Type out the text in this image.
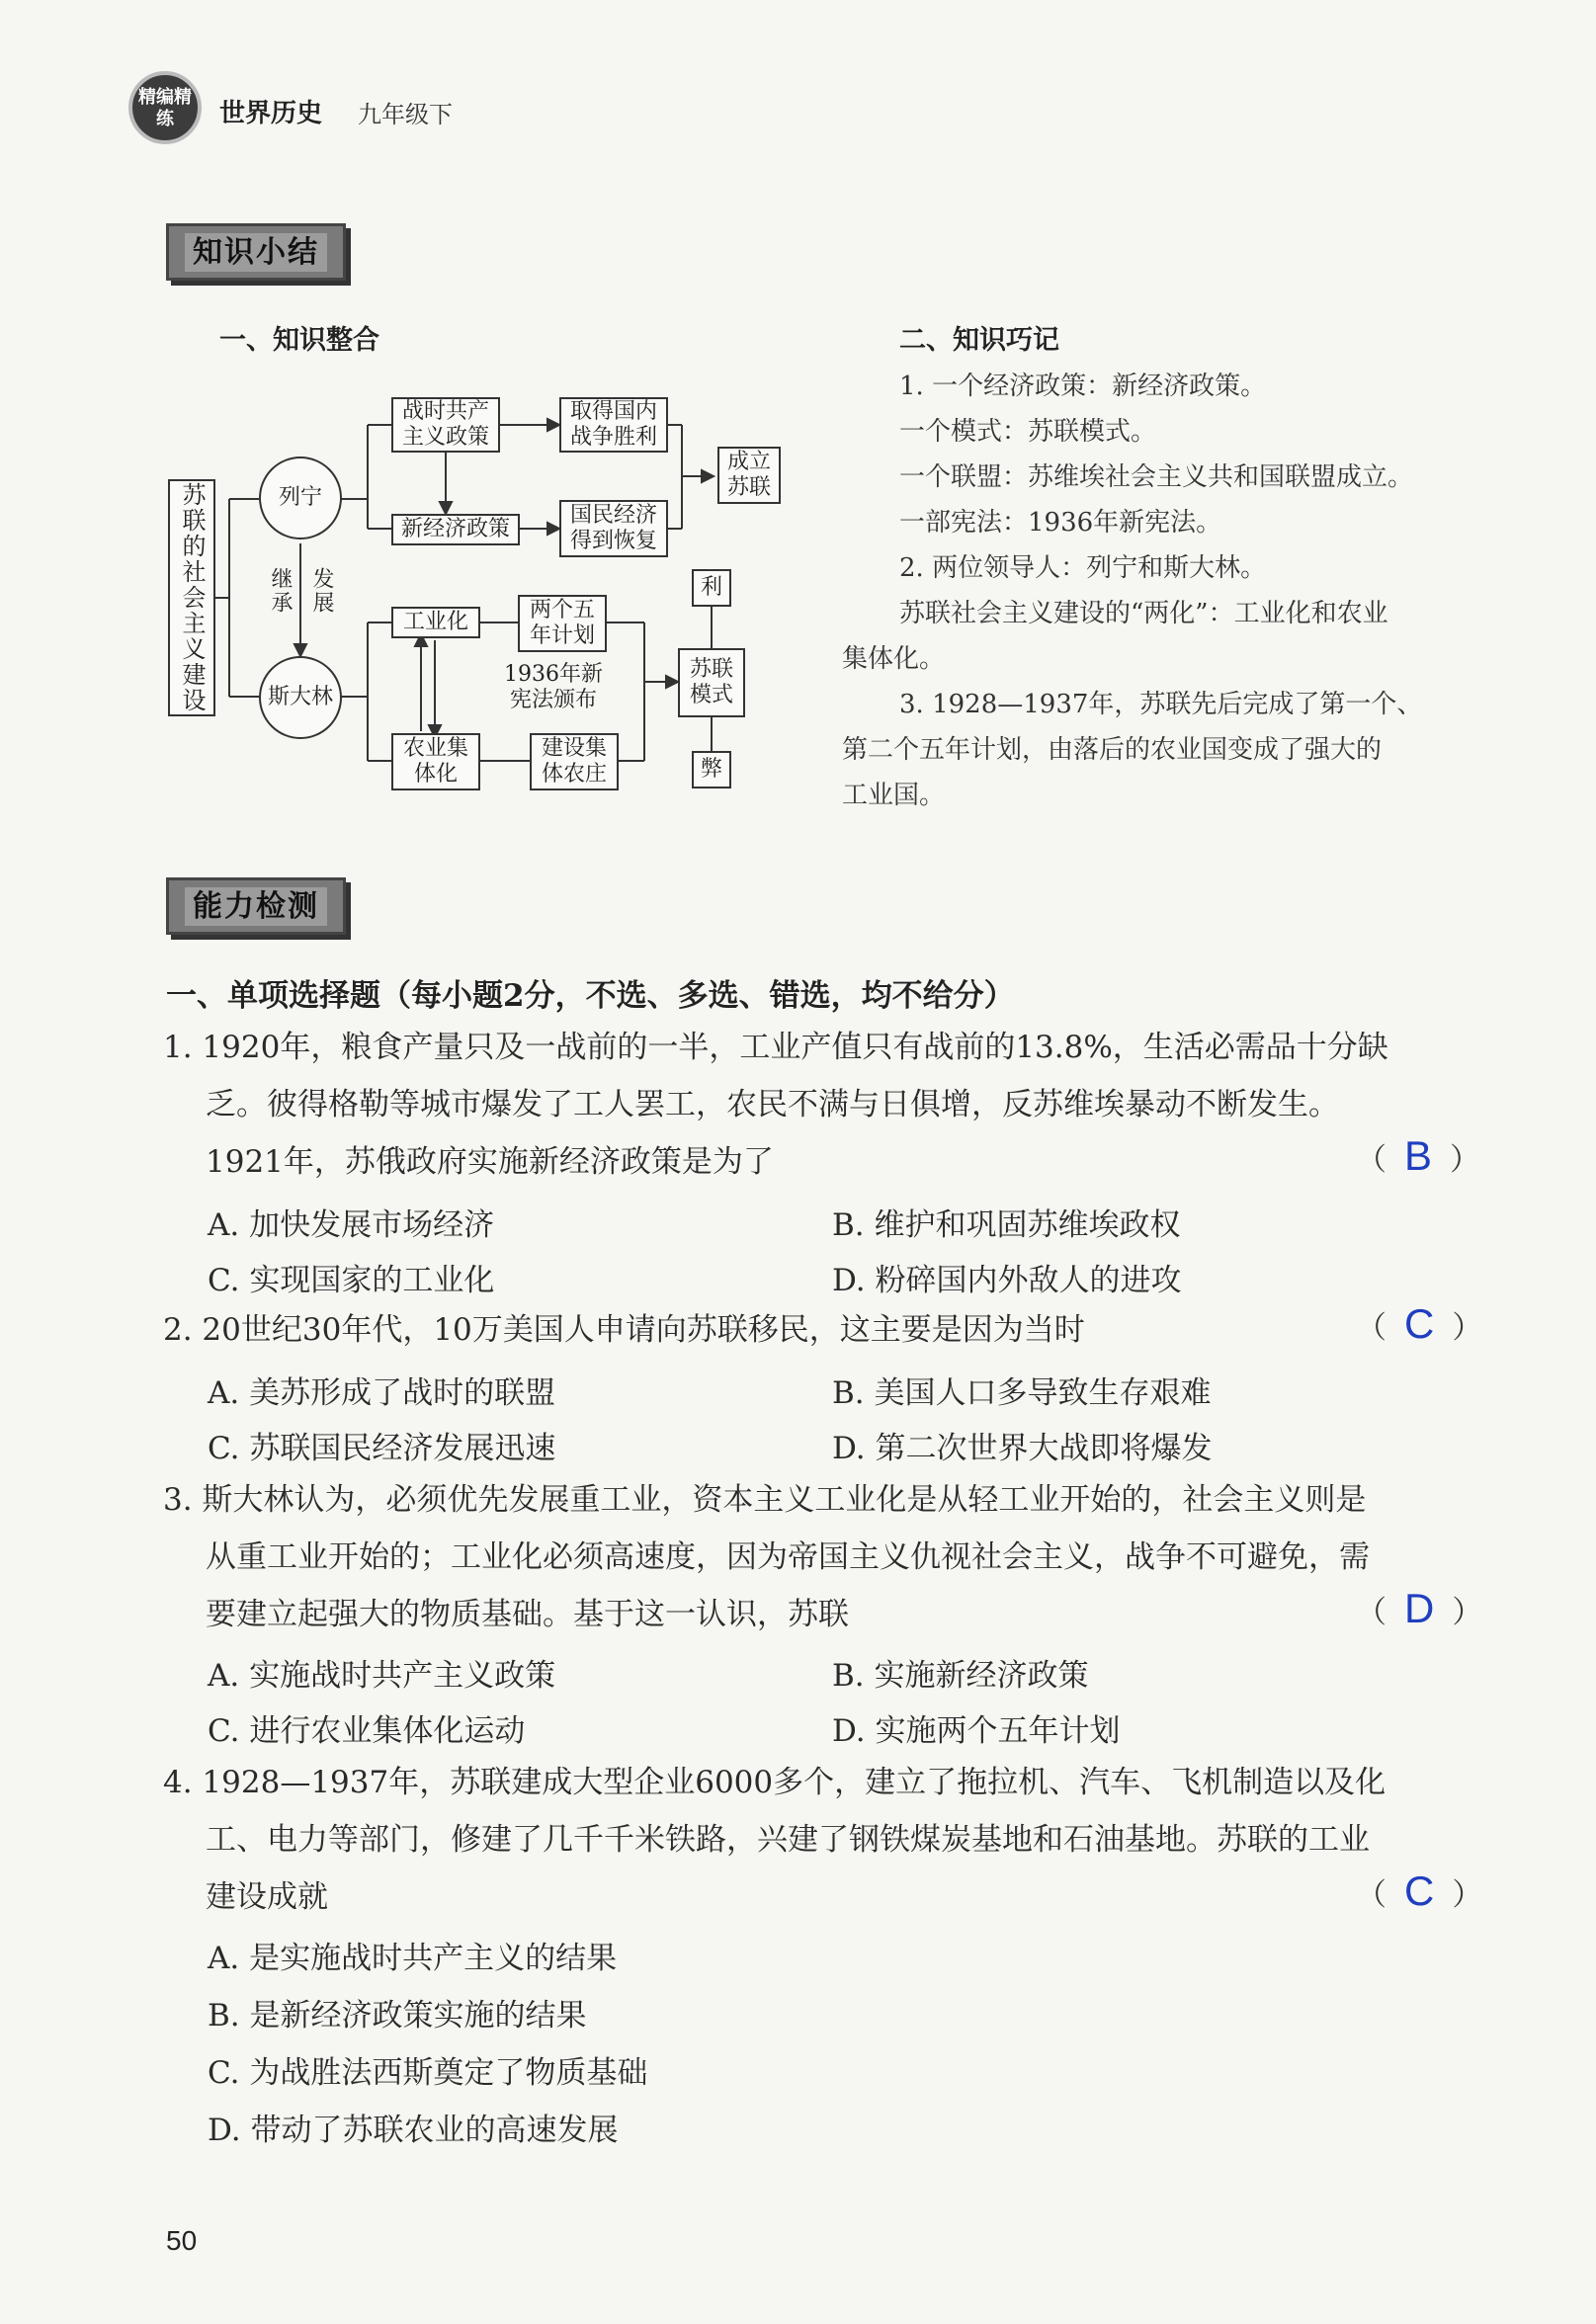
精编精练	世界历史 九年级下
知识小结
一、知识整合
苏联的社会主义建设	列宁
斯大林
继承 发展
战时共产主义政策
取得国内战争胜利
成立苏联
新经济政策
国民经济得到恢复
工业化	两个五年计划
1936年新宪法颁布
农业集体化
建设集体农庄
苏联模式
利
弊
二、知识巧记
1. 一个经济政策：新经济政策。
一个模式：苏联模式。
一个联盟：苏维埃社会主义共和国联盟成立。
一部宪法：1936年新宪法。
2. 两位领导人：列宁和斯大林。
苏联社会主义建设的“两化”：工业化和农业
集体化。
3. 1928—1937年，苏联先后完成了第一个、
第二个五年计划，由落后的农业国变成了强大的
工业国。
能力检测
一、单项选择题（每小题2分，不选、多选、错选，均不给分）
1. 1920年，粮食产量只及一战前的一半，工业产值只有战前的13.8%，生活必需品十分缺
乏。彼得格勒等城市爆发了工人罢工，农民不满与日俱增，反苏维埃暴动不断发生。
1921年，苏俄政府实施新经济政策是为了	（ B ）
A. 加快发展市场经济	B. 维护和巩固苏维埃政权
C. 实现国家的工业化	D. 粉碎国内外敌人的进攻
2. 20世纪30年代，10万美国人申请向苏联移民，这主要是因为当时	（ C ）
A. 美苏形成了战时的联盟	B. 美国人口多导致生存艰难
C. 苏联国民经济发展迅速	D. 第二次世界大战即将爆发
3. 斯大林认为，必须优先发展重工业，资本主义工业化是从轻工业开始的，社会主义则是
从重工业开始的；工业化必须高速度，因为帝国主义仇视社会主义，战争不可避免，需
要建立起强大的物质基础。基于这一认识，苏联	（ D ）
A. 实施战时共产主义政策	B. 实施新经济政策
C. 进行农业集体化运动	D. 实施两个五年计划
4. 1928—1937年，苏联建成大型企业6000多个，建立了拖拉机、汽车、飞机制造以及化
工、电力等部门，修建了几千千米铁路，兴建了钢铁煤炭基地和石油基地。苏联的工业
建设成就	（ C ）
A. 是实施战时共产主义的结果
B. 是新经济政策实施的结果
C. 为战胜法西斯奠定了物质基础
D. 带动了苏联农业的高速发展
50
